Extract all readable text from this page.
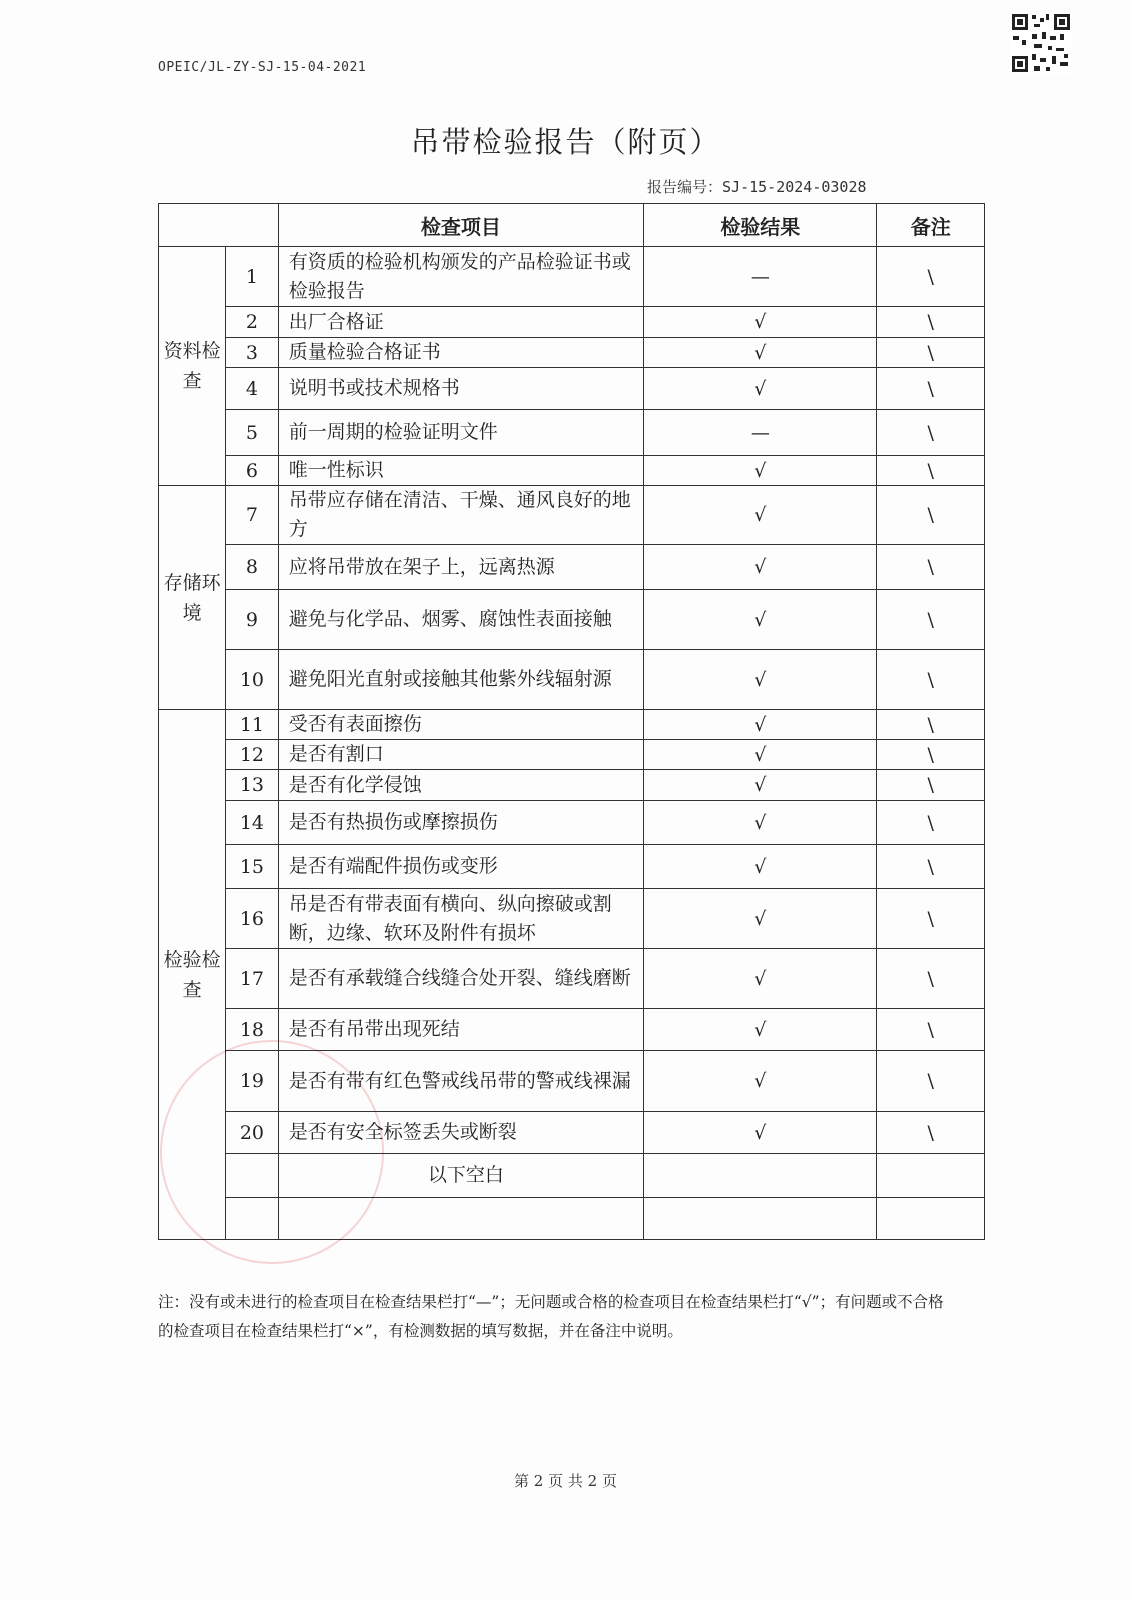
OPEIC/JL-ZY-SJ-15-04-2021
吊带检验报告（附页）
报告编号：SJ-15-2024-03028
		检查项目	检验结果	备注
资料检查	1	有资质的检验机构颁发的产品检验证书或检验报告	—	\
	2	出厂合格证	√	\
	3	质量检验合格证书	√	\
	4	说明书或技术规格书	√	\
	5	前一周期的检验证明文件	—	\
	6	唯一性标识	√	\
存储环境	7	吊带应存储在清洁、干燥、通风良好的地方	√	\
	8	应将吊带放在架子上，远离热源	√	\
	9	避免与化学品、烟雾、腐蚀性表面接触	√	\
	10	避免阳光直射或接触其他紫外线辐射源	√	\
检验检查	11	受否有表面擦伤	√	\
	12	是否有割口	√	\
	13	是否有化学侵蚀	√	\
	14	是否有热损伤或摩擦损伤	√	\
	15	是否有端配件损伤或变形	√	\
	16	吊是否有带表面有横向、纵向擦破或割断，边缘、软环及附件有损坏	√	\
	17	是否有承载缝合线缝合处开裂、缝线磨断	√	\
	18	是否有吊带出现死结	√	\
	19	是否有带有红色警戒线吊带的警戒线裸漏	√	\
	20	是否有安全标签丢失或断裂	√	\
		以下空白		

注：没有或未进行的检查项目在检查结果栏打“—”；无问题或合格的检查项目在检查结果栏打“√”；有问题或不合格的检查项目在检查结果栏打“×”，有检测数据的填写数据，并在备注中说明。
第 2 页 共 2 页
